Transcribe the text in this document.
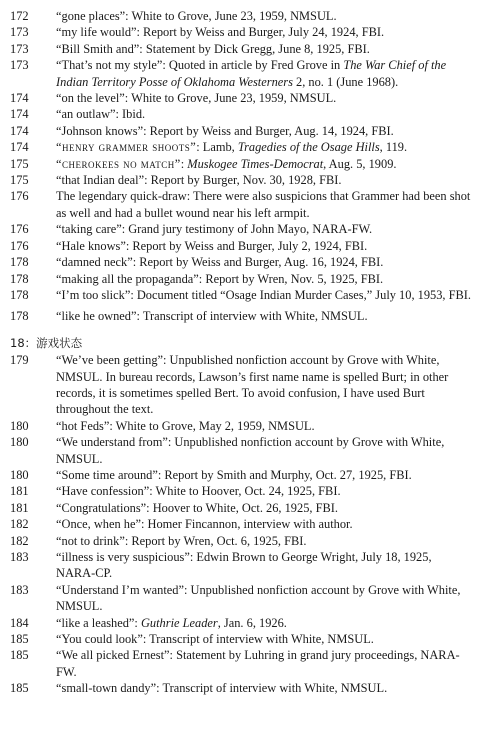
172	“gone places”: White to Grove, June 23, 1959, NMSUL.
173	“my life would”: Report by Weiss and Burger, July 24, 1924, FBI.
173	“Bill Smith and”: Statement by Dick Gregg, June 8, 1925, FBI.
173	“That’s not my style”: Quoted in article by Fred Grove in The War Chief of the Indian Territory Posse of Oklahoma Westerners 2, no. 1 (June 1968).
174	“on the level”: White to Grove, June 23, 1959, NMSUL.
174	“an outlaw”: Ibid.
174	“Johnson knows”: Report by Weiss and Burger, Aug. 14, 1924, FBI.
174	“henry grammer shoots”: Lamb, Tragedies of the Osage Hills, 119.
175	“cherokees no match”: Muskogee Times-Democrat, Aug. 5, 1909.
175	“that Indian deal”: Report by Burger, Nov. 30, 1928, FBI.
176	The legendary quick-draw: There were also suspicions that Grammer had been shot as well and had a bullet wound near his left armpit.
176	“taking care”: Grand jury testimony of John Mayo, NARA-FW.
176	“Hale knows”: Report by Weiss and Burger, July 2, 1924, FBI.
178	“damned neck”: Report by Weiss and Burger, Aug. 16, 1924, FBI.
178	“making all the propaganda”: Report by Wren, Nov. 5, 1925, FBI.
178	“I’m too slick”: Document titled “Osage Indian Murder Cases,” July 10, 1953, FBI.
178	“like he owned”: Transcript of interview with White, NMSUL.
18：游戏状态
179	“We’ve been getting”: Unpublished nonfiction account by Grove with White, NMSUL. In bureau records, Lawson’s first name name is spelled Burt; in other records, it is sometimes spelled Bert. To avoid confusion, I have used Burt throughout the text.
180	“hot Feds”: White to Grove, May 2, 1959, NMSUL.
180	“We understand from”: Unpublished nonfiction account by Grove with White, NMSUL.
180	“Some time around”: Report by Smith and Murphy, Oct. 27, 1925, FBI.
181	“Have confession”: White to Hoover, Oct. 24, 1925, FBI.
181	“Congratulations”: Hoover to White, Oct. 26, 1925, FBI.
182	“Once, when he”: Homer Fincannon, interview with author.
182	“not to drink”: Report by Wren, Oct. 6, 1925, FBI.
183	“illness is very suspicious”: Edwin Brown to George Wright, July 18, 1925, NARA-CP.
183	“Understand I’m wanted”: Unpublished nonfiction account by Grove with White, NMSUL.
184	“like a leashed”: Guthrie Leader, Jan. 6, 1926.
185	“You could look”: Transcript of interview with White, NMSUL.
185	“We all picked Ernest”: Statement by Luhring in grand jury proceedings, NARA-FW.
185	“small-town dandy”: Transcript of interview with White, NMSUL.
